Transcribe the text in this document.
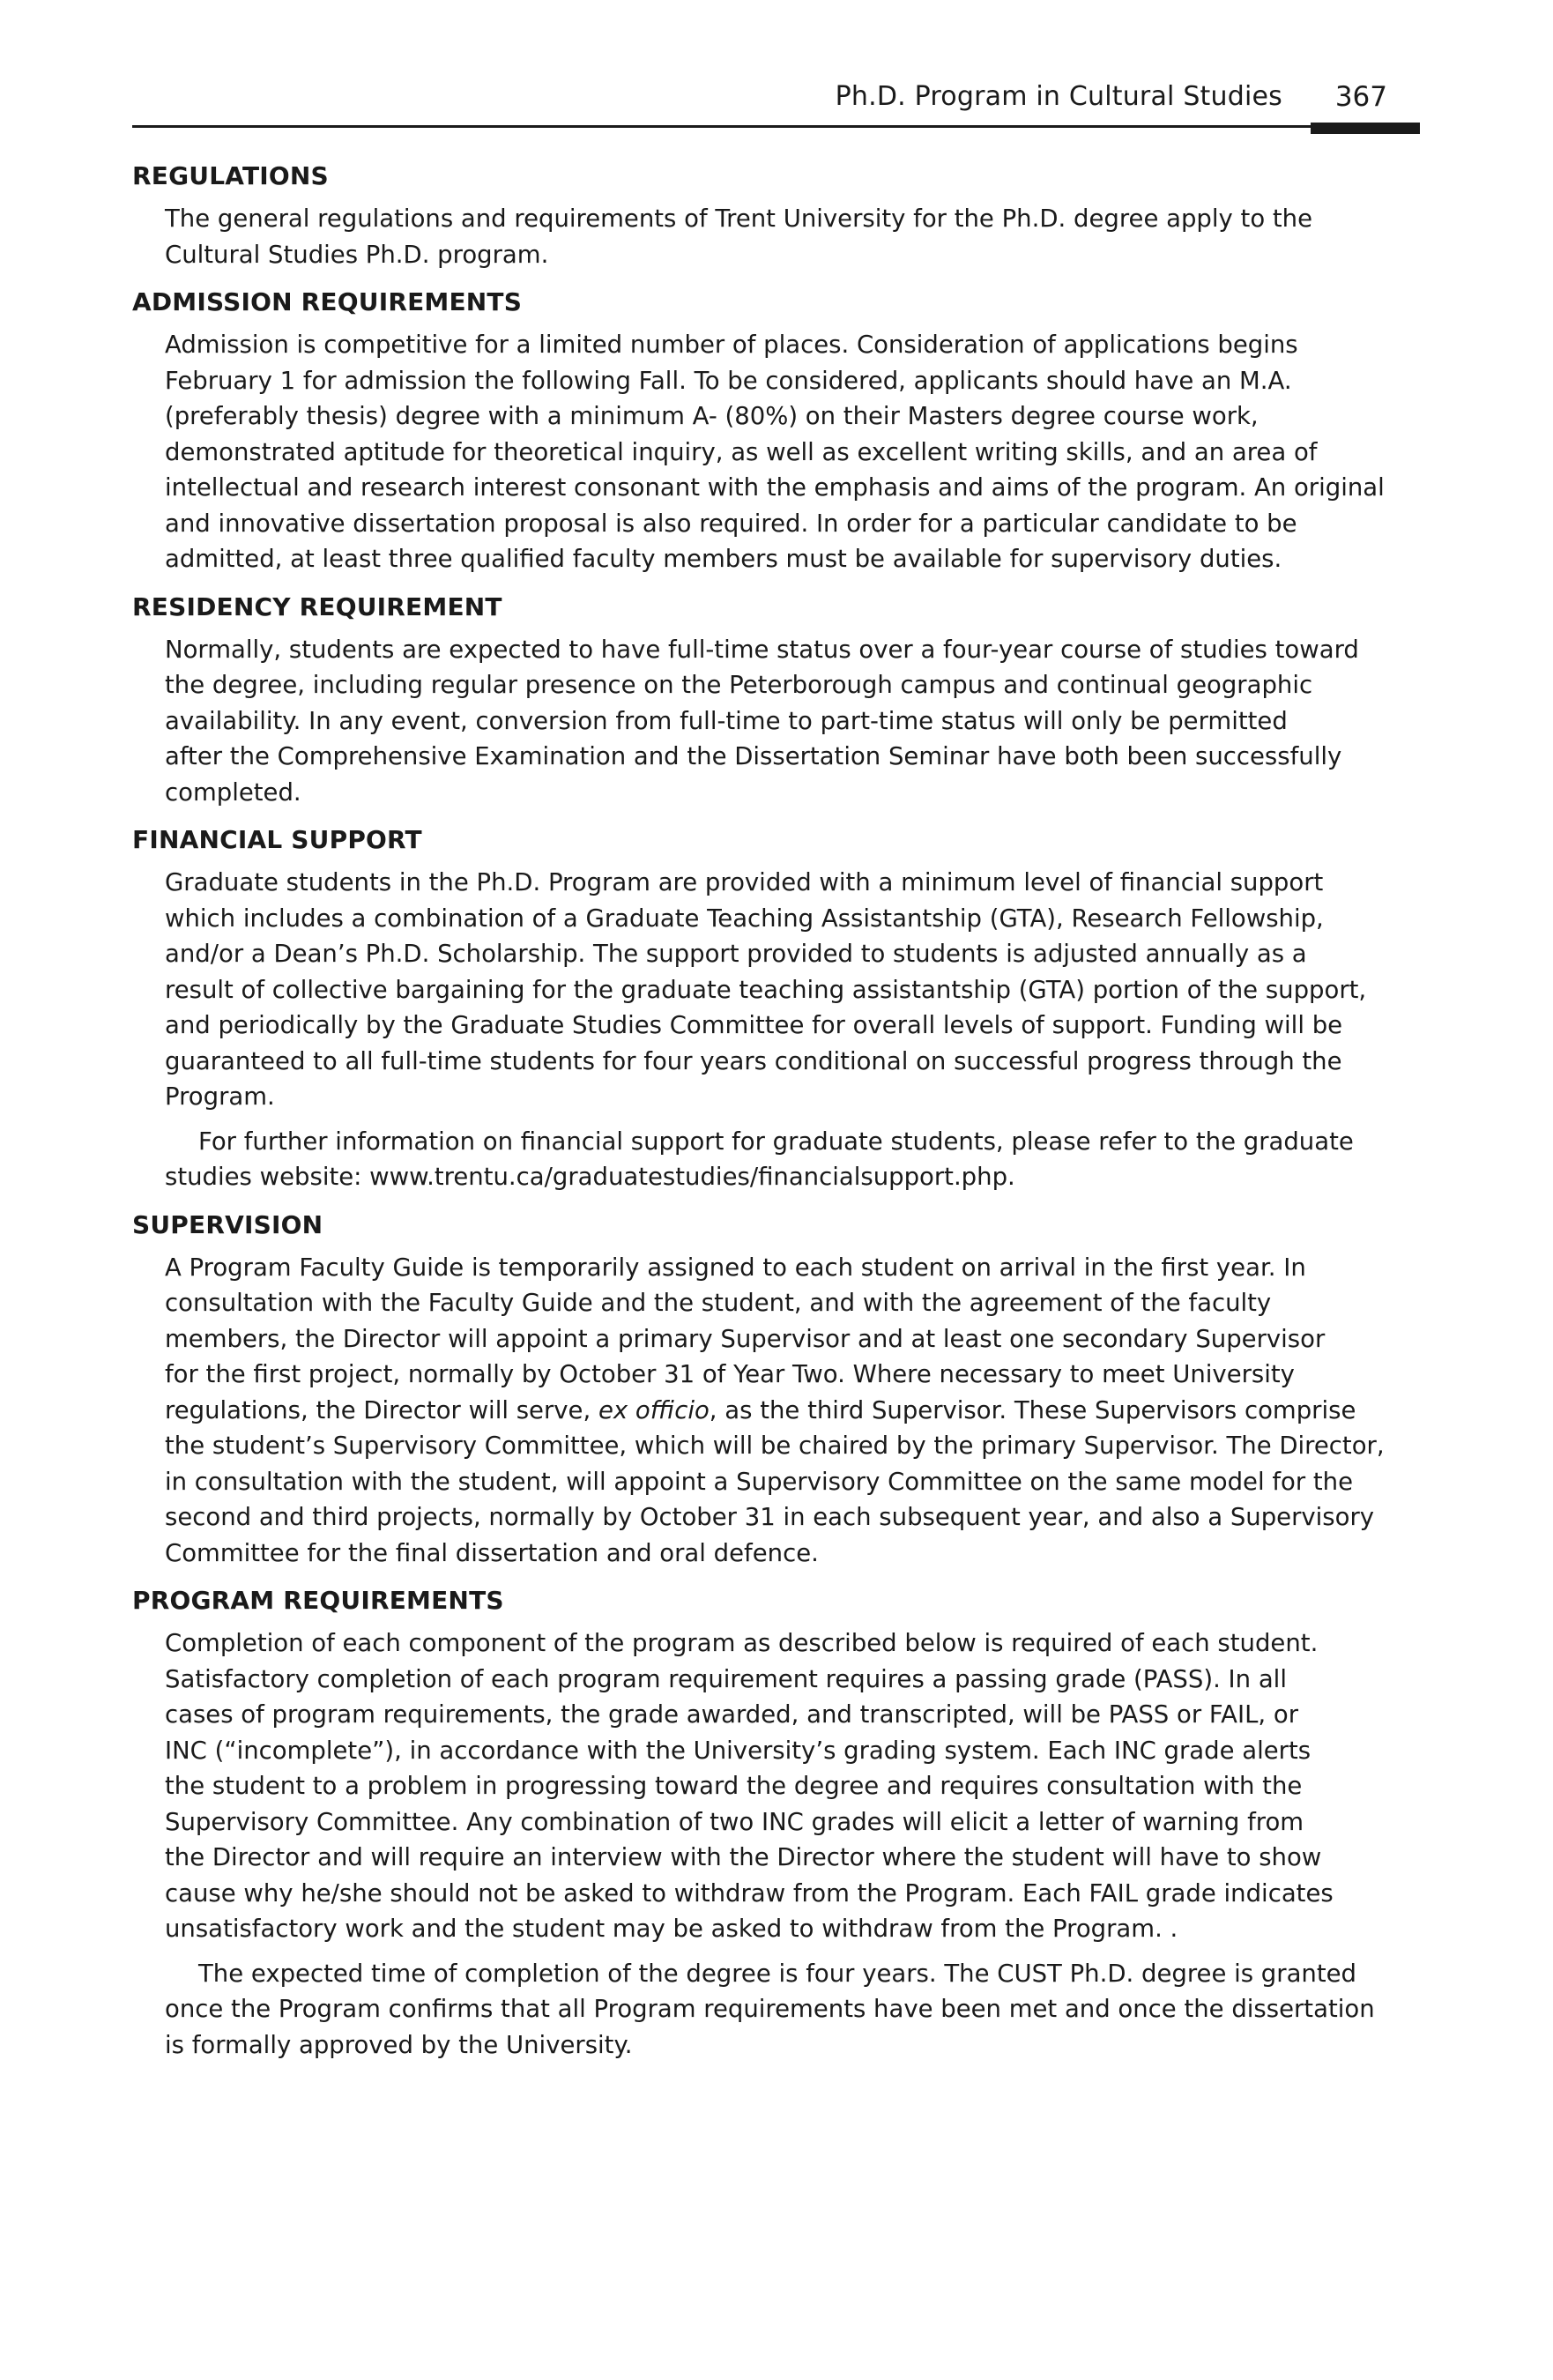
Ph.D. Program in Cultural Studies 367
REGULATIONS

The general regulations and requirements of Trent University for the Ph.D. degree apply to the
Cultural Studies Ph.D. program.

ADMISSION REQUIREMENTS

Admission is competitive for a limited number of places. Consideration of applications begins
February 1 for admission the following Fall. To be considered, applicants should have an M.A.
(preferably thesis) degree with a minimum A- (80%) on their Masters degree course work,
demonstrated aptitude for theoretical inquiry, as well as excellent writing skills, and an area of
intellectual and research interest consonant with the emphasis and aims of the program. An original
and innovative dissertation proposal is also required. In order for a particular candidate to be
admitted, at least three qualified faculty members must be available for supervisory duties.

RESIDENCY REQUIREMENT

Normally, students are expected to have full-time status over a four-year course of studies toward
the degree, including regular presence on the Peterborough campus and continual geographic
availability. In any event, conversion from full-time to part-time status will only be permitted
after the Comprehensive Examination and the Dissertation Seminar have both been successfully
completed.

FINANCIAL SUPPORT

Graduate students in the Ph.D. Program are provided with a minimum level of financial support
which includes a combination of a Graduate Teaching Assistantship (GTA), Research Fellowship,
and/or a Dean’s Ph.D. Scholarship. The support provided to students is adjusted annually as a
result of collective bargaining for the graduate teaching assistantship (GTA) portion of the support,
and periodically by the Graduate Studies Committee for overall levels of support. Funding will be
guaranteed to all full-time students for four years conditional on successful progress through the
Program.

For further information on financial support for graduate students, please refer to the graduate
studies website: www.trentu.ca/graduatestudies/financialsupport.php.

SUPERVISION

A Program Faculty Guide is temporarily assigned to each student on arrival in the first year. In
consultation with the Faculty Guide and the student, and with the agreement of the faculty
members, the Director will appoint a primary Supervisor and at least one secondary Supervisor
for the first project, normally by October 31 of Year Two. Where necessary to meet University
regulations, the Director will serve, ex officio, as the third Supervisor. These Supervisors comprise
the student’s Supervisory Committee, which will be chaired by the primary Supervisor. The Director,
in consultation with the student, will appoint a Supervisory Committee on the same model for the
second and third projects, normally by October 31 in each subsequent year, and also a Supervisory
Committee for the final dissertation and oral defence.

PROGRAM REQUIREMENTS

Completion of each component of the program as described below is required of each student.
Satisfactory completion of each program requirement requires a passing grade (PASS). In all
cases of program requirements, the grade awarded, and transcripted, will be PASS or FAIL, or
INC (“incomplete”), in accordance with the University’s grading system. Each INC grade alerts
the student to a problem in progressing toward the degree and requires consultation with the
Supervisory Committee. Any combination of two INC grades will elicit a letter of warning from
the Director and will require an interview with the Director where the student will have to show
cause why he/she should not be asked to withdraw from the Program. Each FAIL grade indicates
unsatisfactory work and the student may be asked to withdraw from the Program. .

The expected time of completion of the degree is four years. The CUST Ph.D. degree is granted
once the Program confirms that all Program requirements have been met and once the dissertation
is formally approved by the University.
